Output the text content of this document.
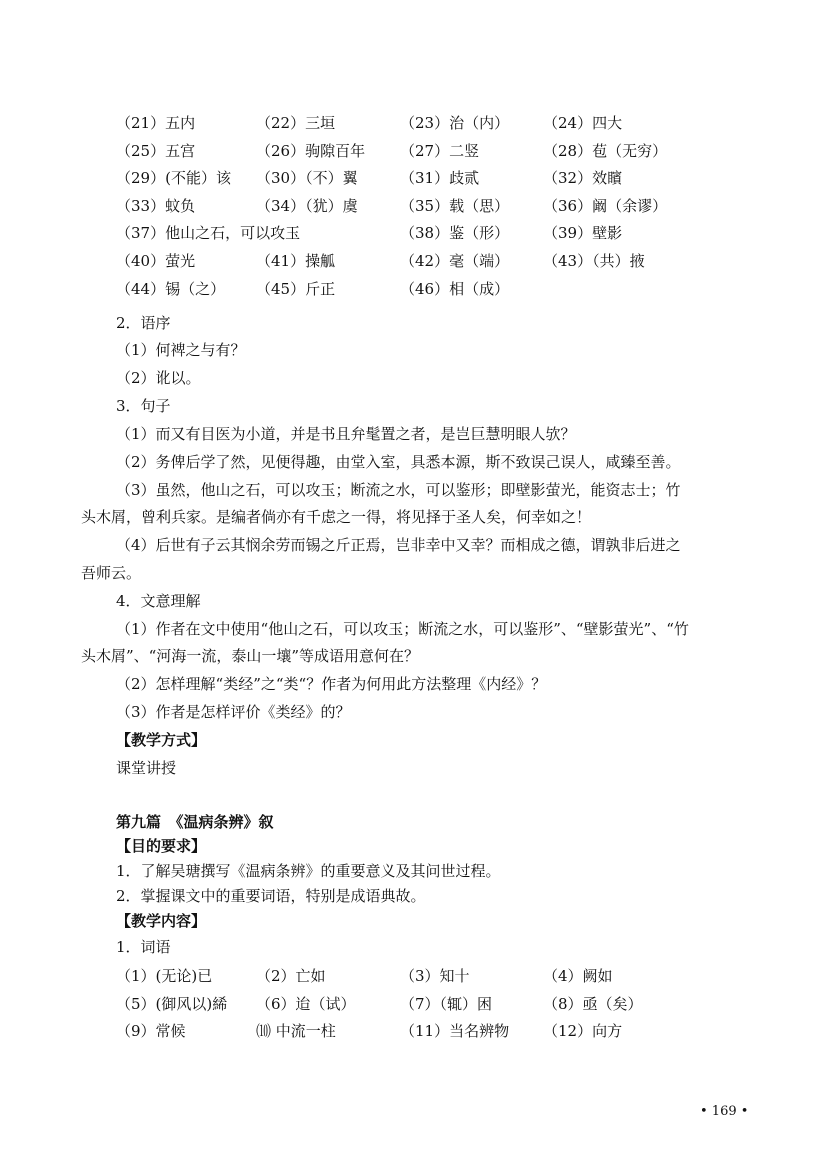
（21）五内	（22）三垣	（23）治（内） （24）四大
（25）五宫	（26）驹隙百年 （27）二竖	（28）苞（无穷）
（29）(不能）该 （30）（不）翼	（31）歧贰	（32）效矉
（33）蚊负	（34）（犹）虞	（35）载（思） （36）阚（余谬）
（37）他山之石，可以攻玉	（38）鉴（形） （39）壁影
（40）萤光	（41）操觚	（42）毫（端） （43）（共）掖
（44）锡（之） （45）斤正	（46）相（成）
2．语序
（1）何裨之与有？
（2）讹以。
3．句子
（1）而又有目医为小道，并是书且弁髦置之者，是岂巨慧明眼人欤？
（2）务俾后学了然，见便得趣，由堂入室，具悉本源，斯不致误己误人，咸臻至善。
（3）虽然，他山之石，可以攻玉；断流之水，可以鉴形；即壁影萤光，能资志士；竹
头木屑，曾利兵家。是编者倘亦有千虑之一得，将见择于圣人矣，何幸如之！
（4）后世有子云其悯余劳而锡之斤正焉，岂非幸中又幸？而相成之德，谓孰非后进之
吾师云。
4．文意理解
（1）作者在文中使用“他山之石，可以攻玉；断流之水，可以鉴形”、“壁影萤光”、“竹
头木屑”、“河海一流，泰山一壤”等成语用意何在？
（2）怎样理解“类经”之“类“？作者为何用此方法整理《内经》？
（3）作者是怎样评价《类经》的？
【教学方式】
课堂讲授
第九篇　《温病条辨》叙
【目的要求】
1．了解吴瑭撰写《温病条辨》的重要意义及其问世过程。
2．掌握课文中的重要词语，特别是成语典故。
【教学内容】
1．词语
（1）(无论)已	（2）亡如	（3）知十	（4）阙如
（5）(御风以)絺 （6）迨（试）	（7）（辄）困	（8）亟（矣）
（9）常候	⑽ 中流一柱	（11）当名辨物 （12）向方
• 169 •
